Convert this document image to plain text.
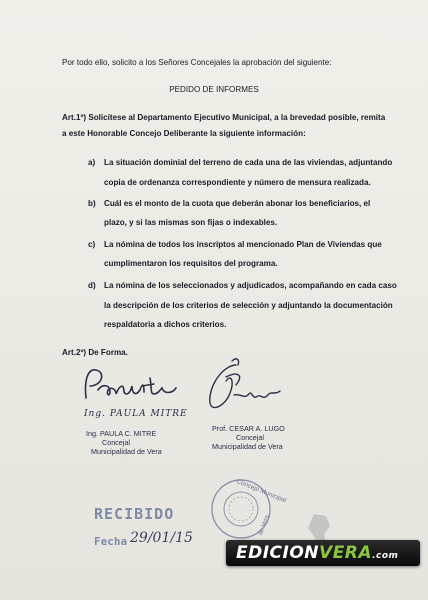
Por todo ello, solicito a los Señores Concejales la aprobación del siguiente:
PEDIDO DE INFORMES
Art.1º) Solicítese al Departamento Ejecutivo Municipal, a la brevedad posible, remita
a este Honorable Concejo Deliberante la siguiente información:
a) La situación dominial del terreno de cada una de las viviendas, adjuntando
copia de ordenanza correspondiente y número de mensura realizada.
b) Cuál es el monto de la cuota que deberán abonar los beneficiarios, el
plazo, y si las mismas son fijas o indexables.
c) La nómina de todos los inscriptos al mencionado Plan de Viviendas que
cumplimentaron los requisitos del programa.
d) La nómina de los seleccionados y adjudicados, acompañando en cada caso
la descripción de los criterios de selección y adjuntando la documentación
respaldatoria a dichos criterios.
Art.2º) De Forma.
Ing. PAULA MITRE
Ing. PAULA C. MITRE
Concejal
Municipalidad de Vera
Prof. CESAR A. LUGO
Concejal
Municipalidad de Vera
RECIBIDO
Fecha 29/01/15
Concejo Municipal
de Vera
EDICIONVERA.com
